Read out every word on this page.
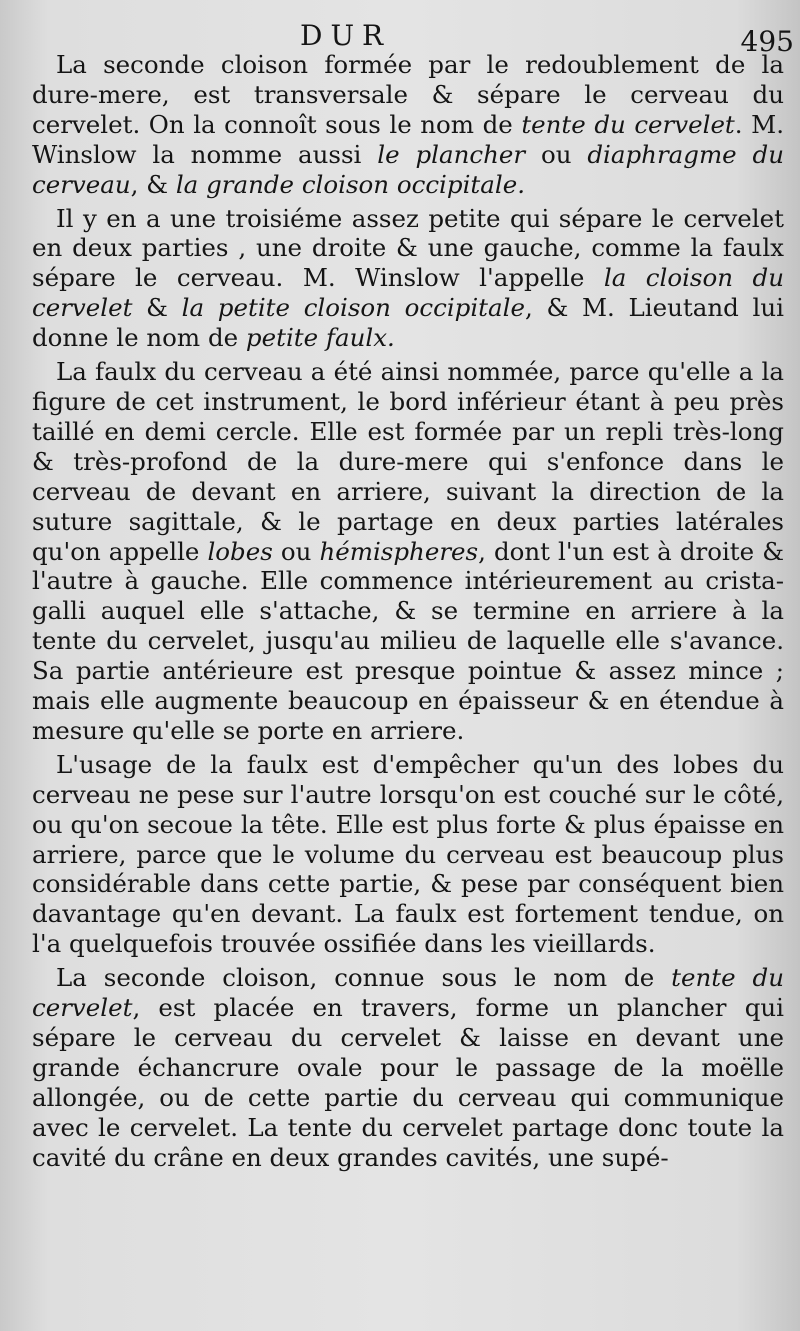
DUR	495

La seconde cloison formée par le redoublement de la dure-mere, est transversale & sépare le cerveau du cervelet. On la connoît sous le nom de tente du cervelet. M. Winslow la nomme aussi le plancher ou diaphragme du cerveau, & la grande cloison occipitale.

Il y en a une troisiéme assez petite qui sépare le cervelet en deux parties , une droite & une gauche, comme la faulx sépare le cerveau. M. Winslow l'appelle la cloison du cervelet & la petite cloison occipitale, & M. Lieutand lui donne le nom de petite faulx.

La faulx du cerveau a été ainsi nommée, parce qu'elle a la figure de cet instrument, le bord inférieur étant à peu près taillé en demi cercle. Elle est formée par un repli très-long & très-profond de la dure-mere qui s'enfonce dans le cerveau de devant en arriere, suivant la direction de la suture sagittale, & le partage en deux parties latérales qu'on appelle lobes ou hémispheres, dont l'un est à droite & l'autre à gauche. Elle commence intérieurement au crista-galli auquel elle s'attache, & se termine en arriere à la tente du cervelet, jusqu'au milieu de laquelle elle s'avance. Sa partie antérieure est presque pointue & assez mince ; mais elle augmente beaucoup en épaisseur & en étendue à mesure qu'elle se porte en arriere.

L'usage de la faulx est d'empêcher qu'un des lobes du cerveau ne pese sur l'autre lorsqu'on est couché sur le côté, ou qu'on secoue la tête. Elle est plus forte & plus épaisse en arriere, parce que le volume du cerveau est beaucoup plus considérable dans cette partie, & pese par conséquent bien davantage qu'en devant. La faulx est fortement tendue, on l'a quelquefois trouvée ossifiée dans les vieillards.

La seconde cloison, connue sous le nom de tente du cervelet, est placée en travers, forme un plancher qui sépare le cerveau du cervelet & laisse en devant une grande échancrure ovale pour le passage de la moëlle allongée, ou de cette partie du cerveau qui communique avec le cervelet. La tente du cervelet partage donc toute la cavité du crâne en deux grandes cavités, une supé-
